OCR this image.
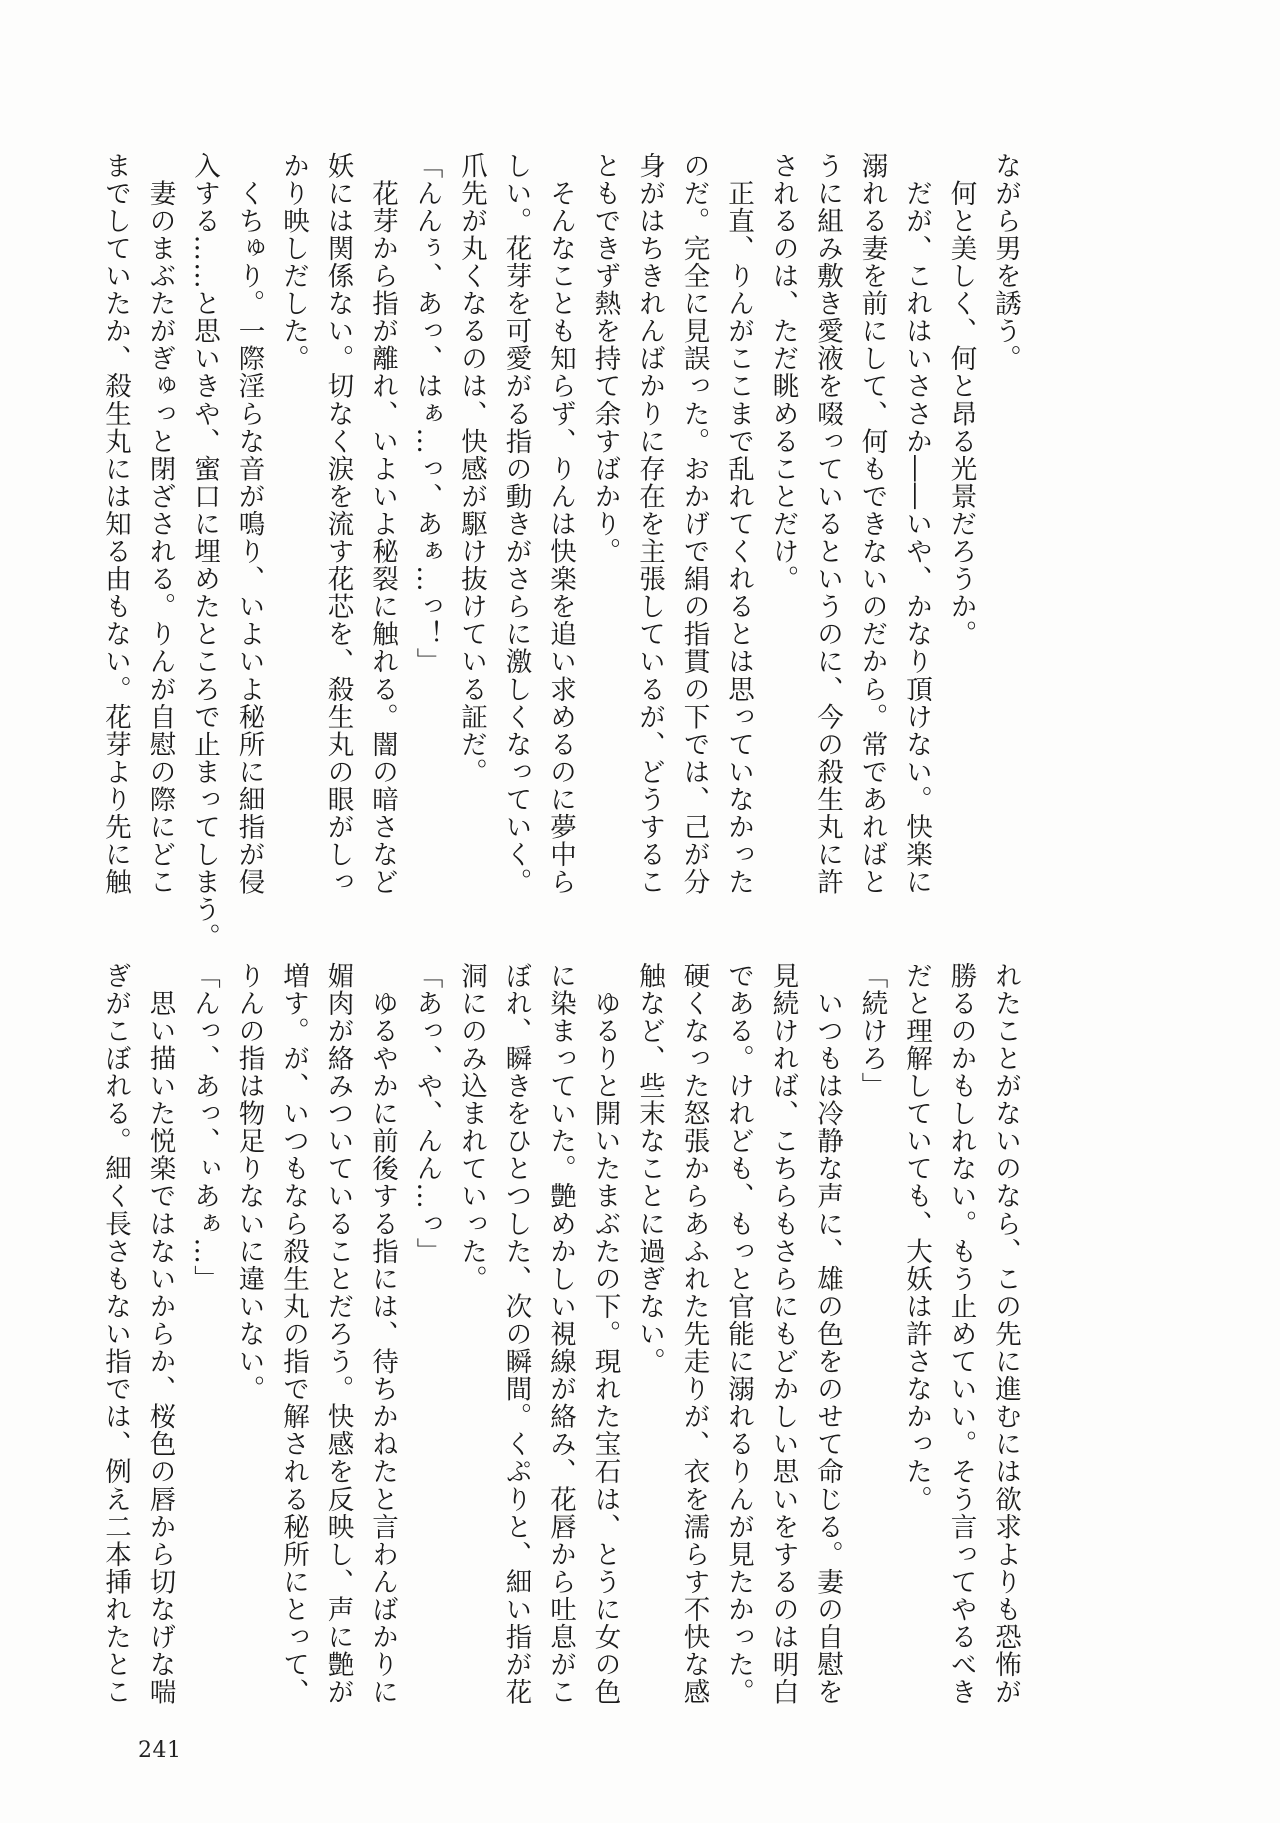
ながら男を誘う。

　何と美しく、何と昂る光景だろうか。

　だが、これはいささか――いや、かなり頂けない。快楽に

溺れる妻を前にして、何もできないのだから。常であればと

うに組み敷き愛液を啜っているというのに、今の殺生丸に許

されるのは、ただ眺めることだけ。

　正直、りんがここまで乱れてくれるとは思っていなかった

のだ。完全に見誤った。おかげで絹の指貫の下では、己が分

身がはちきれんばかりに存在を主張しているが、どうするこ

ともできず熱を持て余すばかり。

　そんなことも知らず、りんは快楽を追い求めるのに夢中ら

しい。花芽を可愛がる指の動きがさらに激しくなっていく。

爪先が丸くなるのは、快感が駆け抜けている証だ。

「んんぅ、あっ、はぁ…っ、あぁ…っ！」

　花芽から指が離れ、いよいよ秘裂に触れる。闇の暗さなど

妖には関係ない。切なく涙を流す花芯を、殺生丸の眼がしっ

かり映しだした。

　くちゅり。一際淫らな音が鳴り、いよいよ秘所に細指が侵

入する……と思いきや、蜜口に埋めたところで止まってしまう。

　妻のまぶたがぎゅっと閉ざされる。りんが自慰の際にどこ

までしていたか、殺生丸には知る由もない。花芽より先に触

れたことがないのなら、この先に進むには欲求よりも恐怖が

勝るのかもしれない。もう止めていい。そう言ってやるべき

だと理解していても、大妖は許さなかった。

「続けろ」

　いつもは冷静な声に、雄の色をのせて命じる。妻の自慰を

見続ければ、こちらもさらにもどかしい思いをするのは明白

である。けれども、もっと官能に溺れるりんが見たかった。

硬くなった怒張からあふれた先走りが、衣を濡らす不快な感

触など、些末なことに過ぎない。

　ゆるりと開いたまぶたの下。現れた宝石は、とうに女の色

に染まっていた。艶めかしい視線が絡み、花唇から吐息がこ

ぼれ、瞬きをひとつした、次の瞬間。くぷりと、細い指が花

洞にのみ込まれていった。

「あっ、や、んん…っ」

　ゆるやかに前後する指には、待ちかねたと言わんばかりに

媚肉が絡みついていることだろう。快感を反映し、声に艶が

増す。が、いつもなら殺生丸の指で解される秘所にとって、

りんの指は物足りないに違いない。

「んっ、あっ、ぃあぁ…」

　思い描いた悦楽ではないからか、桜色の唇から切なげな喘

ぎがこぼれる。細く長さもない指では、例え二本挿れたとこ

241
